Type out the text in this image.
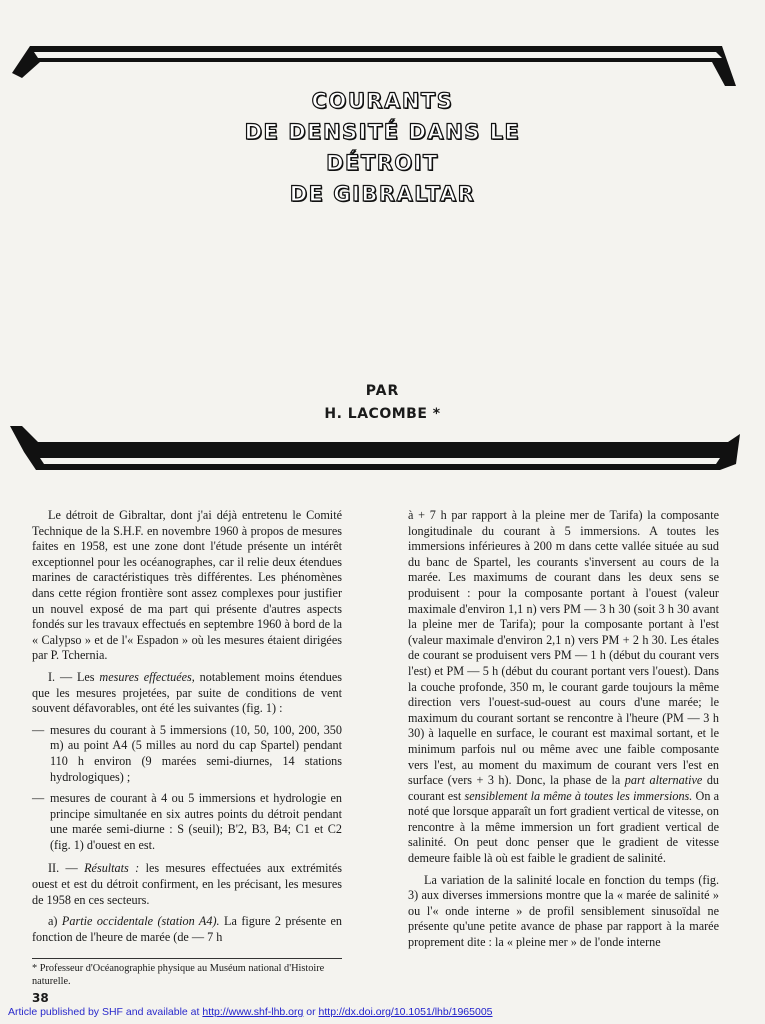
COURANTS
DE DENSITÉ DANS LE
DÉTROIT
DE GIBRALTAR
PAR
H. LACOMBE *

Le détroit de Gibraltar, dont j'ai déjà entretenu le Comité Technique de la S.H.F. en novembre 1960 à propos de mesures faites en 1958, est une zone dont l'étude présente un intérêt exceptionnel pour les océanographes, car il relie deux étendues marines de caractéristiques très différentes. Les phénomènes dans cette région frontière sont assez complexes pour justifier un nouvel exposé de ma part qui présente d'autres aspects fondés sur les travaux effectués en septembre 1960 à bord de la « Calypso » et de l'« Espadon » où les mesures étaient dirigées par P. Tchernia.

I. — Les mesures effectuées, notablement moins étendues que les mesures projetées, par suite de conditions de vent souvent défavorables, ont été les suivantes (fig. 1) :

— mesures du courant à 5 immersions (10, 50, 100, 200, 350 m) au point A4 (5 milles au nord du cap Spartel) pendant 110 h environ (9 marées semi-diurnes, 14 stations hydrologiques) ;

— mesures de courant à 4 ou 5 immersions et hydrologie en principe simultanée en six autres points du détroit pendant une marée semi-diurne : S (seuil); B'2, B3, B4; C1 et C2 (fig. 1) d'ouest en est.

II. — Résultats : les mesures effectuées aux extrémités ouest et est du détroit confirment, en les précisant, les mesures de 1958 en ces secteurs.

a) Partie occidentale (station A4). La figure 2 présente en fonction de l'heure de marée (de — 7 h

* Professeur d'Océanographie physique au Muséum national d'Histoire naturelle.
38

à + 7 h par rapport à la pleine mer de Tarifa) la composante longitudinale du courant à 5 immersions. A toutes les immersions inférieures à 200 m dans cette vallée située au sud du banc de Spartel, les courants s'inversent au cours de la marée. Les maximums de courant dans les deux sens se produisent : pour la composante portant à l'ouest (valeur maximale d'environ 1,1 n) vers PM — 3 h 30 (soit 3 h 30 avant la pleine mer de Tarifa); pour la composante portant à l'est (valeur maximale d'environ 2,1 n) vers PM + 2 h 30. Les étales de courant se produisent vers PM — 1 h (début du courant vers l'est) et PM — 5 h (début du courant portant vers l'ouest). Dans la couche profonde, 350 m, le courant garde toujours la même direction vers l'ouest-sud-ouest au cours d'une marée; le maximum du courant sortant se rencontre à l'heure (PM — 3 h 30) à laquelle en surface, le courant est maximal sortant, et le minimum parfois nul ou même avec une faible composante vers l'est, au moment du maximum de courant vers l'est en surface (vers + 3 h). Donc, la phase de la part alternative du courant est sensiblement la même à toutes les immersions. On a noté que lorsque apparaît un fort gradient vertical de vitesse, on rencontre à la même immersion un fort gradient vertical de salinité. On peut donc penser que le gradient de vitesse demeure faible là où est faible le gradient de salinité.

La variation de la salinité locale en fonction du temps (fig. 3) aux diverses immersions montre que la « marée de salinité » ou l'« onde interne » de profil sensiblement sinusoïdal ne présente qu'une petite avance de phase par rapport à la marée proprement dite : la « pleine mer » de l'onde interne

Article published by SHF and available at http://www.shf-lhb.org or http://dx.doi.org/10.1051/lhb/1965005
